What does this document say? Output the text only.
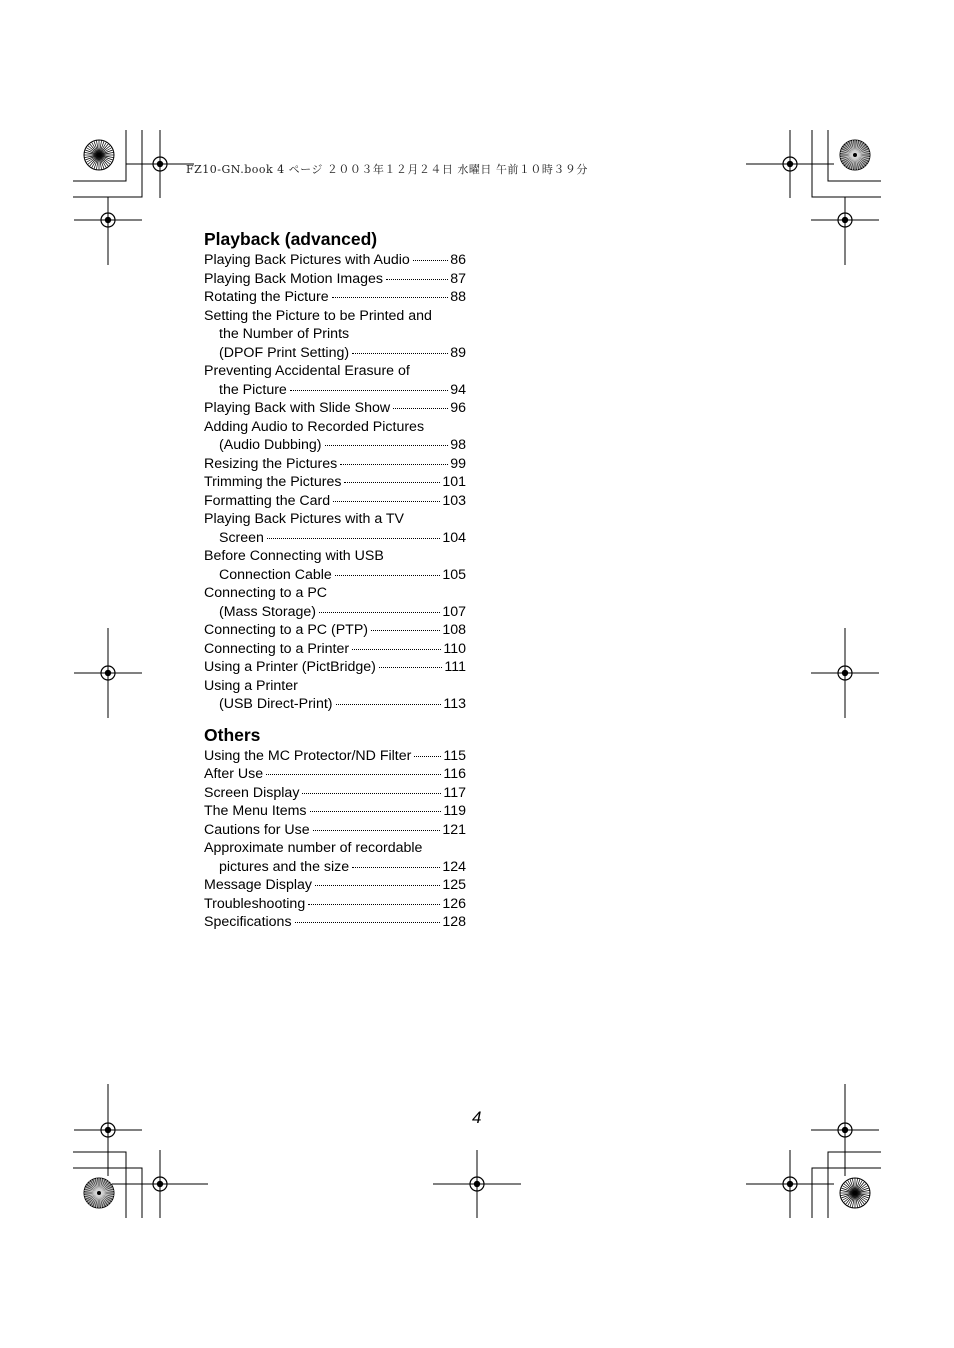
FZ10-GN.book 4 ページ ２００３年１２月２４日 水曜日 午前１０時３９分
Playback (advanced)
Playing Back Pictures with Audio	86
Playing Back Motion Images	87
Rotating the Picture	88
Setting the Picture to be Printed and
the Number of Prints
(DPOF Print Setting)	89
Preventing Accidental Erasure of
the Picture	94
Playing Back with Slide Show	96
Adding Audio to Recorded Pictures
(Audio Dubbing)	98
Resizing the Pictures	99
Trimming the Pictures	101
Formatting the Card	103
Playing Back Pictures with a TV
Screen	104
Before Connecting with USB
Connection Cable	105
Connecting to a PC
(Mass Storage)	107
Connecting to a PC (PTP)	108
Connecting to a Printer	110
Using a Printer (PictBridge)	111
Using a Printer
(USB Direct-Print)	113
Others
Using the MC Protector/ND Filter 115
After Use	116
Screen Display	117
The Menu Items	119
Cautions for Use	121
Approximate number of recordable
pictures and the size	124
Message Display	125
Troubleshooting	126
Specifications	128
4
